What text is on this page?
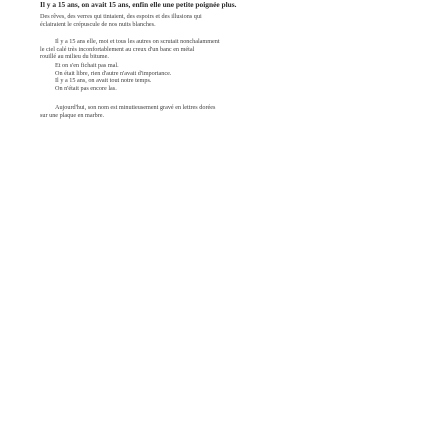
Il y a 15 ans, on avait 15 ans, enfin elle une petite poignée plus.
Des rêves, des verres qui tintaient, des espoirs et des illusions qui
éclairaient le crépuscule de nos nuits blanches.
Il y a 15 ans elle, moi et tous les autres on scrutait nonchalamment
le ciel calé très inconfortablement au creux d'un banc en métal
rouillé au milieu du bitume.
Et on s'en fichait pas mal.
On était libre, rien d'autre n'avait d'importance.
Il y a 15 ans, on avait tout notre temps.
On n'était pas encore las.
Aujourd'hui, son nom est minutieusement gravé en lettres dorées
sur une plaque en marbre.
